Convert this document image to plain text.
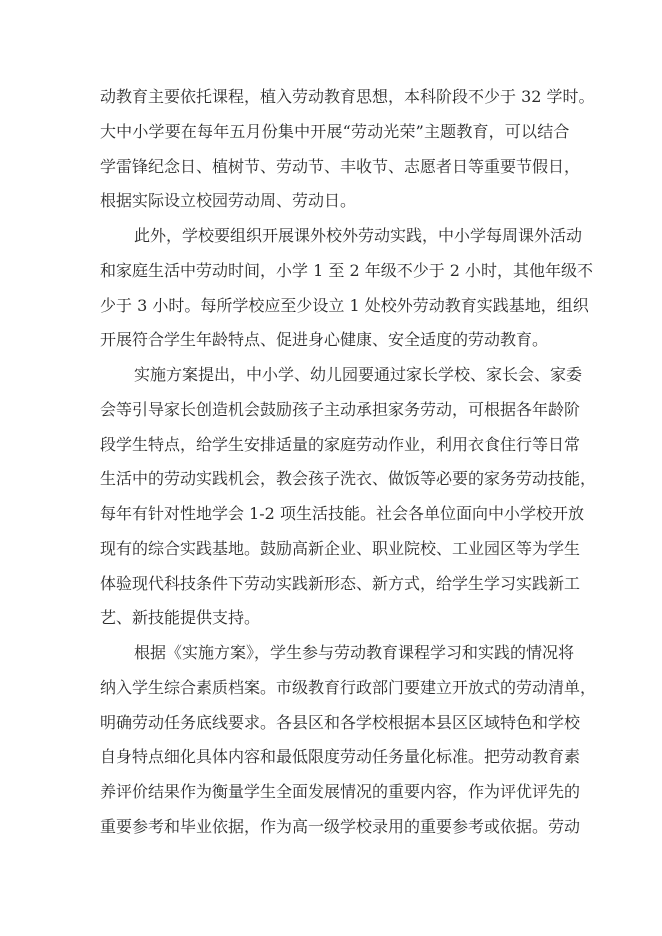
动教育主要依托课程，植入劳动教育思想，本科阶段不少于 32 学时。
大中小学要在每年五月份集中开展“劳动光荣”主题教育，可以结合
学雷锋纪念日、植树节、劳动节、丰收节、志愿者日等重要节假日，
根据实际设立校园劳动周、劳动日。
此外，学校要组织开展课外校外劳动实践，中小学每周课外活动
和家庭生活中劳动时间，小学 1 至 2 年级不少于 2 小时，其他年级不
少于 3 小时。每所学校应至少设立 1 处校外劳动教育实践基地，组织
开展符合学生年龄特点、促进身心健康、安全适度的劳动教育。
实施方案提出，中小学、幼儿园要通过家长学校、家长会、家委
会等引导家长创造机会鼓励孩子主动承担家务劳动，可根据各年龄阶
段学生特点，给学生安排适量的家庭劳动作业，利用衣食住行等日常
生活中的劳动实践机会，教会孩子洗衣、做饭等必要的家务劳动技能，
每年有针对性地学会 1-2 项生活技能。社会各单位面向中小学校开放
现有的综合实践基地。鼓励高新企业、职业院校、工业园区等为学生
体验现代科技条件下劳动实践新形态、新方式，给学生学习实践新工
艺、新技能提供支持。
根据《实施方案》，学生参与劳动教育课程学习和实践的情况将
纳入学生综合素质档案。市级教育行政部门要建立开放式的劳动清单，
明确劳动任务底线要求。各县区和各学校根据本县区区域特色和学校
自身特点细化具体内容和最低限度劳动任务量化标准。把劳动教育素
养评价结果作为衡量学生全面发展情况的重要内容，作为评优评先的
重要参考和毕业依据，作为高一级学校录用的重要参考或依据。劳动
